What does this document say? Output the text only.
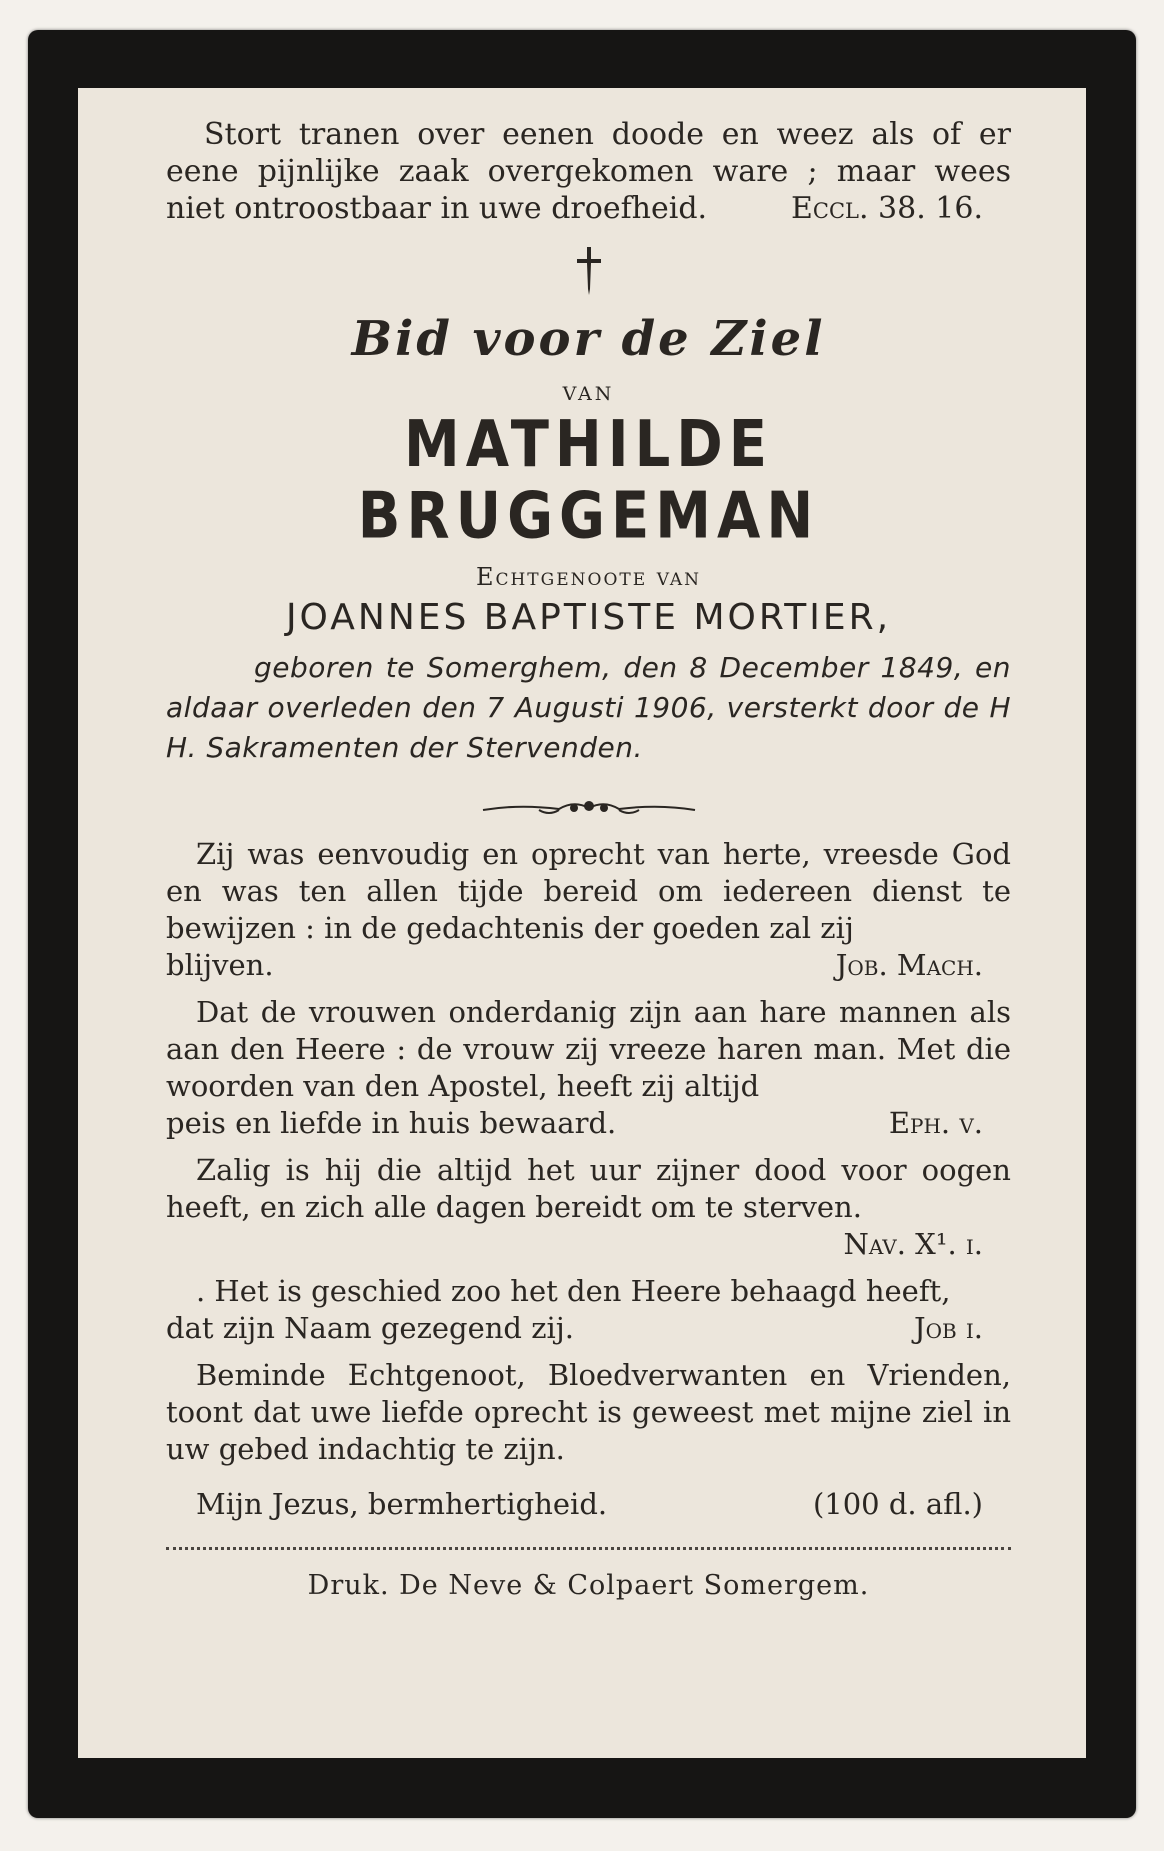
Stort tranen over eenen doode en weez als of er eene pijnlijke zaak overgekomen ware ; maar wees

niet ontroostbaar in uwe droefheid.	Eccl. 38. 16.
Bid voor de Ziel
VAN
MATHILDE BRUGGEMAN
Echtgenoote van
JOANNES BAPTISTE MORTIER,
geboren te Somerghem, den 8 December 1849, en aldaar overleden den 7 Augusti 1906, versterkt door de H H. Sakramenten der Stervenden.

Zij was eenvoudig en oprecht van herte, vreesde God en was ten allen tijde bereid om iedereen dienst te bewijzen : in de gedachtenis der goeden zal zij

blijven.	Job. Mach.

Dat de vrouwen onderdanig zijn aan hare mannen als aan den Heere : de vrouw zij vreeze haren man. Met die woorden van den Apostel, heeft zij altijd

peis en liefde in huis bewaard.	Eph. v.

Zalig is hij die altijd het uur zijner dood voor oogen heeft, en zich alle dagen bereidt om te sterven.

Nav. X¹. i.

. Het is geschied zoo het den Heere behaagd heeft,

dat zijn Naam gezegend zij.	Job i.

Beminde Echtgenoot, Bloedverwanten en Vrienden, toont dat uwe liefde oprecht is geweest met mijne ziel in uw gebed indachtig te zijn.

Mijn Jezus, bermhertigheid.	(100 d. afl.)
Druk. De Neve & Colpaert Somergem.
